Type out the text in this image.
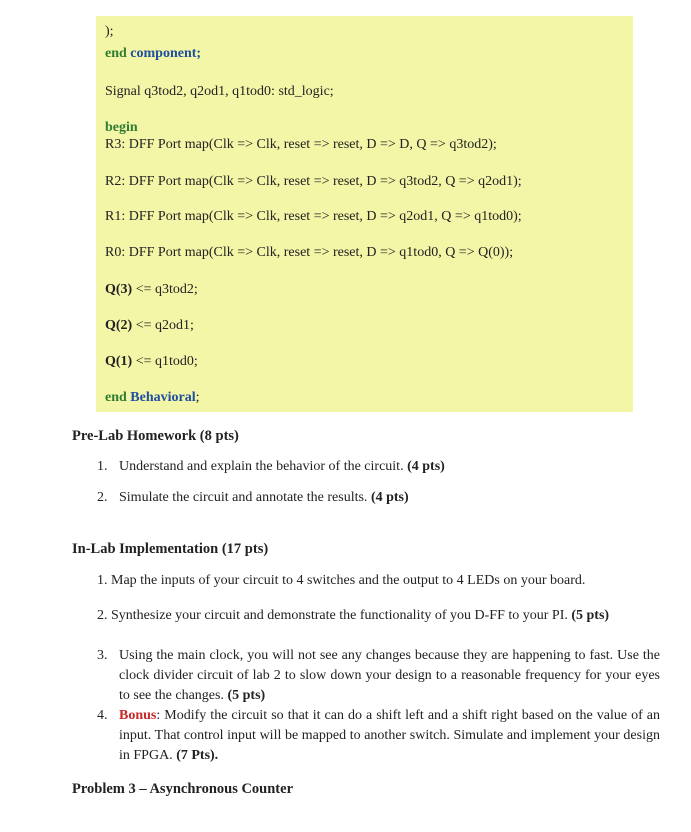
);
end component;
Signal q3tod2, q2od1, q1tod0: std_logic;
begin
R3: DFF Port map(Clk => Clk, reset => reset, D => D, Q => q3tod2);
R2: DFF Port map(Clk => Clk, reset => reset, D => q3tod2, Q => q2od1);
R1: DFF Port map(Clk => Clk, reset => reset, D => q2od1, Q => q1tod0);
R0: DFF Port map(Clk => Clk, reset => reset, D => q1tod0, Q => Q(0));
Q(3) <= q3tod2;
Q(2) <= q2od1;
Q(1) <= q1tod0;
end Behavioral;
Pre-Lab Homework (8 pts)
1. Understand and explain the behavior of the circuit. (4 pts)
2. Simulate the circuit and annotate the results. (4 pts)
In-Lab Implementation (17 pts)
1. Map the inputs of your circuit to 4 switches and the output to 4 LEDs on your board.
2. Synthesize your circuit and demonstrate the functionality of you D-FF to your PI. (5 pts)
3. Using the main clock, you will not see any changes because they are happening to fast. Use the clock divider circuit of lab 2 to slow down your design to a reasonable frequency for your eyes to see the changes. (5 pts)
4. Bonus: Modify the circuit so that it can do a shift left and a shift right based on the value of an input. That control input will be mapped to another switch. Simulate and implement your design in FPGA. (7 Pts).
Problem 3 – Asynchronous Counter
